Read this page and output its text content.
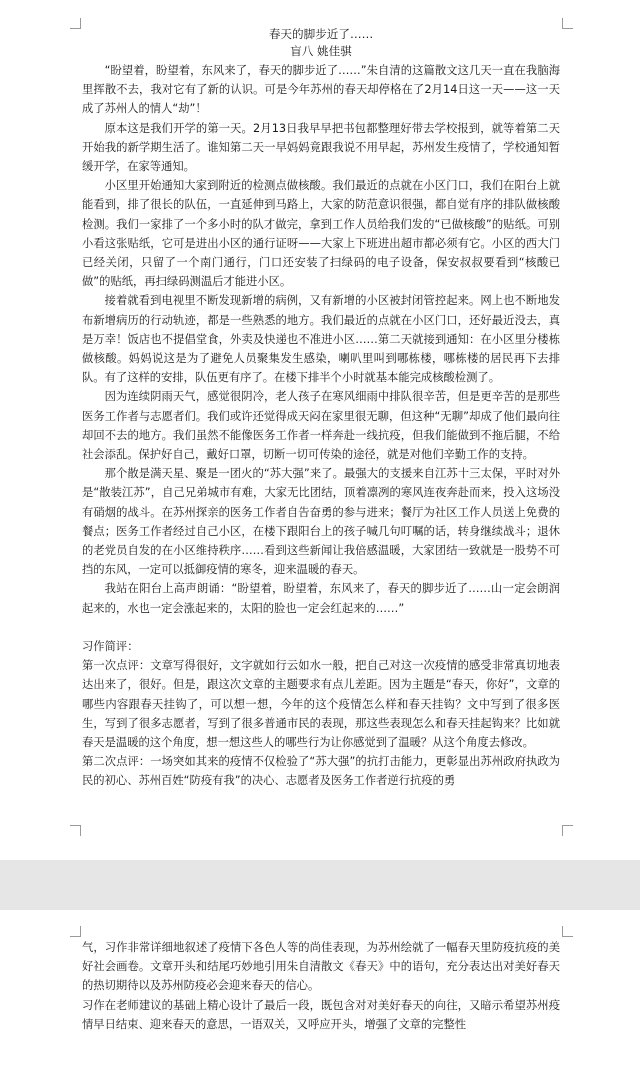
春天的脚步近了……

盲八 姚佳骐

“盼望着，盼望着，东风来了，春天的脚步近了……”朱自清的这篇散文这几天一直在我脑海里挥散不去，我对它有了新的认识。可是今年苏州的春天却停格在了2月14日这一天——这一天成了苏州人的情人“劫”！

原本这是我们开学的第一天。2月13日我早早把书包都整理好带去学校报到，就等着第二天开始我的新学期生活了。谁知第二天一早妈妈竟跟我说不用早起，苏州发生疫情了，学校通知暂缓开学，在家等通知。

小区里开始通知大家到附近的检测点做核酸。我们最近的点就在小区门口，我们在阳台上就能看到，排了很长的队伍，一直延伸到马路上，大家的防范意识很强，都自觉有序的排队做核酸检测。我们一家排了一个多小时的队才做完，拿到工作人员给我们发的“已做核酸”的贴纸。可别小看这张贴纸，它可是进出小区的通行证呀——大家上下班进出超市都必须有它。小区的西大门已经关闭，只留了一个南门通行，门口还安装了扫绿码的电子设备，保安叔叔要看到“核酸已做”的贴纸，再扫绿码测温后才能进小区。

接着就看到电视里不断发现新增的病例，又有新增的小区被封闭管控起来。网上也不断地发布新增病历的行动轨迹，都是一些熟悉的地方。我们最近的点就在小区门口，还好最近没去，真是万幸！饭店也不提倡堂食，外卖及快递也不准进小区……第二天就接到通知：在小区里分楼栋做核酸。妈妈说这是为了避免人员聚集发生感染，喇叭里叫到哪栋楼，哪栋楼的居民再下去排队。有了这样的安排，队伍更有序了。在楼下排半个小时就基本能完成核酸检测了。

因为连续阴雨天气，感觉很阴冷，老人孩子在寒风细雨中排队很辛苦，但是更辛苦的是那些医务工作者与志愿者们。我们或许还觉得成天闷在家里很无聊，但这种“无聊”却成了他们最向往却回不去的地方。我们虽然不能像医务工作者一样奔赴一线抗疫，但我们能做到不拖后腿，不给社会添乱。保护好自己，戴好口罩，切断一切可传染的途径，就是对他们辛勤工作的支持。

那个散是满天星、聚是一团火的“苏大强”来了。最强大的支援来自江苏十三太保，平时对外是“散装江苏”，自己兄弟城市有难，大家无比团结，顶着凛冽的寒风连夜奔赴而来，投入这场没有硝烟的战斗。在苏州探亲的医务工作者自告奋勇的参与进来；餐厅为社区工作人员送上免费的餐点；医务工作者经过自己小区，在楼下跟阳台上的孩子喊几句叮嘱的话，转身继续战斗；退休的老党员自发的在小区维持秩序……看到这些新闻让我倍感温暖，大家团结一致就是一股势不可挡的东风，一定可以抵御疫情的寒冬，迎来温暖的春天。

我站在阳台上高声朗诵：“盼望着，盼望着，东风来了，春天的脚步近了……山一定会朗润起来的，水也一定会涨起来的，太阳的脸也一定会红起来的……”

习作简评：

第一次点评：文章写得很好，文字就如行云如水一般，把自己对这一次疫情的感受非常真切地表达出来了，很好。但是，跟这次文章的主题要求有点儿差距。因为主题是“春天，你好”，文章的哪些内容跟春天挂钩了，可以想一想，今年的这个疫情怎么样和春天挂钩？文中写到了很多医生，写到了很多志愿者，写到了很多普通市民的表现，那这些表现怎么和春天挂起钩来？比如就春天是温暖的这个角度，想一想这些人的哪些行为让你感觉到了温暖？从这个角度去修改。

第二次点评：一场突如其来的疫情不仅检验了“苏大强”的抗打击能力，更彰显出苏州政府执政为民的初心、苏州百姓“防疫有我”的决心、志愿者及医务工作者逆行抗疫的勇

气，习作非常详细地叙述了疫情下各色人等的尚佳表现，为苏州绘就了一幅春天里防疫抗疫的美好社会画卷。文章开头和结尾巧妙地引用朱自清散文《春天》中的语句，充分表达出对美好春天的热切期待以及苏州防疫必会迎来春天的信心。

习作在老师建议的基础上精心设计了最后一段，既包含对对美好春天的向往，又暗示希望苏州疫情早日结束、迎来春天的意思，一语双关，又呼应开头，增强了文章的完整性
